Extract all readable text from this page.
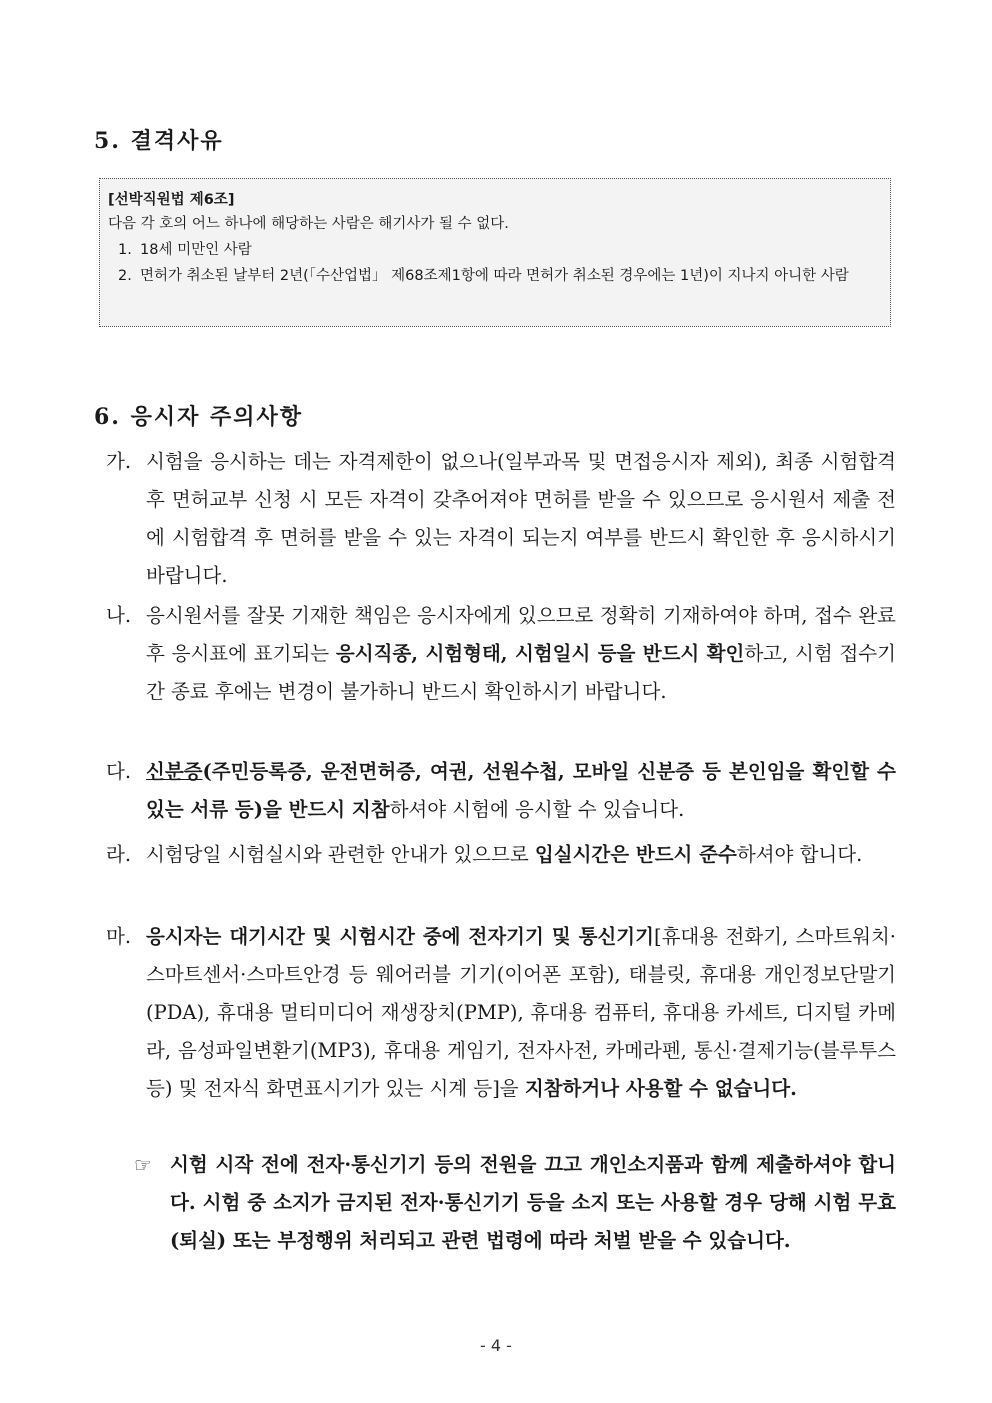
5. 결격사유
[선박직원법 제6조]
다음 각 호의 어느 하나에 해당하는 사람은 해기사가 될 수 없다.
1. 18세 미만인 사람
2. 면허가 취소된 날부터 2년(「수산업법」 제68조제1항에 따라 면허가 취소된 경우에는 1년)이 지나지 아니한 사람
6. 응시자 주의사항
가. 시험을 응시하는 데는 자격제한이 없으나(일부과목 및 면접응시자 제외), 최종 시험합격 후 면허교부 신청 시 모든 자격이 갖추어져야 면허를 받을 수 있으므로 응시원서 제출 전에 시험합격 후 면허를 받을 수 있는 자격이 되는지 여부를 반드시 확인한 후 응시하시기 바랍니다.
나. 응시원서를 잘못 기재한 책임은 응시자에게 있으므로 정확히 기재하여야 하며, 접수 완료 후 응시표에 표기되는 응시직종, 시험형태, 시험일시 등을 반드시 확인하고, 시험 접수기간 종료 후에는 변경이 불가하니 반드시 확인하시기 바랍니다.
다. 신분증(주민등록증, 운전면허증, 여권, 선원수첩, 모바일 신분증 등 본인임을 확인할 수 있는 서류 등)을 반드시 지참하셔야 시험에 응시할 수 있습니다.
라. 시험당일 시험실시와 관련한 안내가 있으므로 입실시간은 반드시 준수하셔야 합니다.
마. 응시자는 대기시간 및 시험시간 중에 전자기기 및 통신기기[휴대용 전화기, 스마트워치·스마트센서·스마트안경 등 웨어러블 기기(이어폰 포함), 태블릿, 휴대용 개인정보단말기(PDA), 휴대용 멀티미디어 재생장치(PMP), 휴대용 컴퓨터, 휴대용 카세트, 디지털 카메라, 음성파일변환기(MP3), 휴대용 게임기, 전자사전, 카메라펜, 통신·결제기능(블루투스 등) 및 전자식 화면표시기가 있는 시계 등]을 지참하거나 사용할 수 없습니다.
☞ 시험 시작 전에 전자·통신기기 등의 전원을 끄고 개인소지품과 함께 제출하셔야 합니다. 시험 중 소지가 금지된 전자·통신기기 등을 소지 또는 사용할 경우 당해 시험 무효(퇴실) 또는 부정행위 처리되고 관련 법령에 따라 처벌 받을 수 있습니다.
- 4 -
